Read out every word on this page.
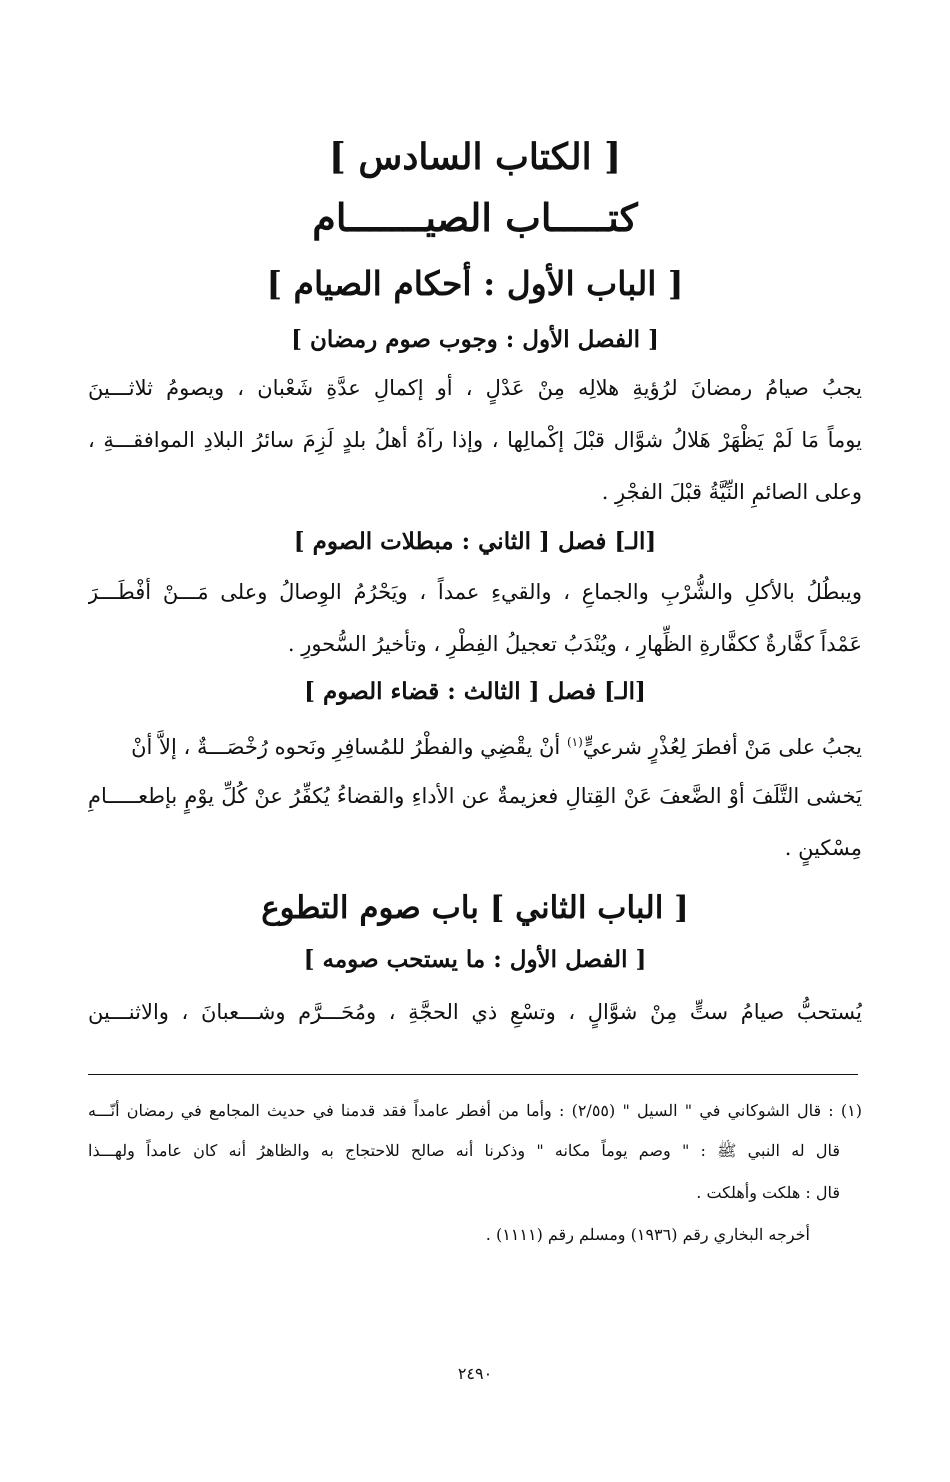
[ الكتاب السادس ]
كتـــــاب الصيـــــــام
[ الباب الأول : أحكام الصيام ]
[ الفصل الأول : وجوب صوم رمضان ]
يجبُ صيامُ رمضانَ لرُؤيةِ هلالِه مِنْ عَدْلٍ ، أو إكمالِ عدَّةِ شَعْبان ، ويصومُ ثلاثـــينَ
يوماً مَا لَمْ يَظْهَرْ هَلالُ شوَّال قبْلَ إكْمالِها ، وإذا رآهُ أهلُ بلدٍ لَزِمَ سائرُ البلادِ الموافقـــةِ ،
وعلى الصائمِ النِّيَّةُ قبْلَ الفجْرِ .
[الـ] فصل [ الثاني : مبطلات الصوم ]
ويبطُلُ بالأكلِ والشُّرْبِ والجماعِ ، والقيءِ عمداً ، ويَحْرُمُ الوِصالُ وعلى مَـــنْ أفْطَـــرَ
عَمْداً كفَّارةٌ ككفَّارةِ الظِّهارِ ، ويُنْدَبُ تعجيلُ الفِطْرِ ، وتأخيرُ السُّحورِ .
[الـ] فصل [ الثالث : قضاء الصوم ]
يجبُ على مَنْ أفطرَ لِعُذْرٍ شرعيٍّ$^{(١)}$ أنْ يقْضِي والفطْرُ للمُسافِرِ ونَحوه رُخْصَـــةٌ ، إلاَّ أنْ
يَخشى التَّلَفَ أوْ الضَّعفَ عَنْ القِتالِ فعزيمةٌ عن الأداءِ والقضاءُ يُكفِّرُ عنْ كُلِّ يوْمٍ بإطعـــــامِ
مِسْكينٍ .
[ الباب الثاني ] باب صوم التطوع
[ الفصل الأول : ما يستحب صومه ]
يُستحبُّ صيامُ ستٍّ مِنْ شوَّالٍ ، وتسْعِ ذي الحجَّةِ ، ومُحَـــرَّم وشـــعبانَ ، والاثنـــين
(١) : قال الشوكاني في " السيل " (٢/٥٥) : وأما من أفطر عامداً فقد قدمنا في حديث المجامع في رمضان أنّـــه
قال له النبي ﷺ : " وصم يوماً مكانه " وذكرنا أنه صالح للاحتجاج به والظاهرُ أنه كان عامداً ولهـــذا
قال : هلكت وأهلكت .
أخرجه البخاري رقم (١٩٣٦) ومسلم رقم (١١١١) .
٢٤٩٠
